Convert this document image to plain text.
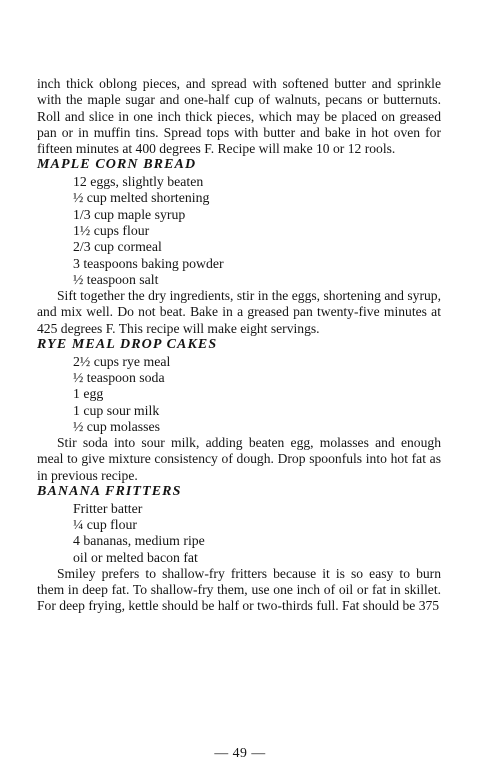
inch thick oblong pieces, and spread with softened butter and sprinkle with the maple sugar and one-half cup of walnuts, pecans or butternuts. Roll and slice in one inch thick pieces, which may be placed on greased pan or in muffin tins. Spread tops with butter and bake in hot oven for fifteen minutes at 400 degrees F. Recipe will make 10 or 12 rools.

MAPLE CORN BREAD
12 eggs, slightly beaten
½ cup melted shortening
1/3 cup maple syrup
1½ cups flour
2/3 cup cormeal
3 teaspoons baking powder
½ teaspoon salt

Sift together the dry ingredients, stir in the eggs, shortening and syrup, and mix well. Do not beat. Bake in a greased pan twenty-five minutes at 425 degrees F. This recipe will make eight servings.

RYE MEAL DROP CAKES
2½ cups rye meal
½ teaspoon soda
1 egg
1 cup sour milk
½ cup molasses

Stir soda into sour milk, adding beaten egg, molasses and enough meal to give mixture consistency of dough. Drop spoonfuls into hot fat as in previous recipe.

BANANA FRITTERS
Fritter batter
¼ cup flour
4 bananas, medium ripe
oil or melted bacon fat

Smiley prefers to shallow-fry fritters because it is so easy to burn them in deep fat. To shallow-fry them, use one inch of oil or fat in skillet. For deep frying, kettle should be half or two-thirds full. Fat should be 375

— 49 —
